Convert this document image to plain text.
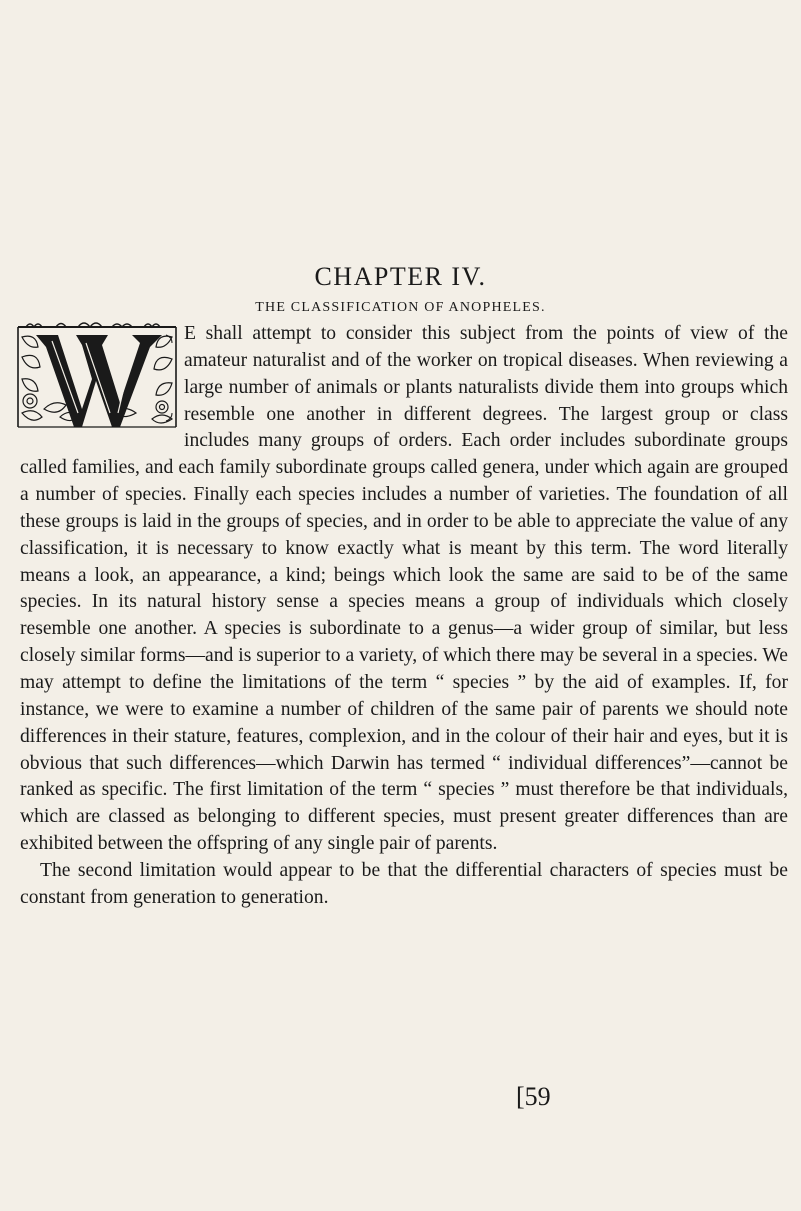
CHAPTER IV.
THE CLASSIFICATION OF ANOPHELES.

E shall attempt to consider this subject from the points of view of the amateur naturalist and of the worker on tropical diseases. When reviewing a large number of animals or plants naturalists divide them into groups which resemble one another in different degrees. The largest group or class includes many groups of orders. Each order includes subordinate groups called families, and each family subordinate groups called genera, under which again are grouped a number of species. Finally each species includes a number of varieties. The foundation of all these groups is laid in the groups of species, and in order to be able to appreciate the value of any classification, it is necessary to know exactly what is meant by this term. The word literally means a look, an appearance, a kind; beings which look the same are said to be of the same species. In its natural history sense a species means a group of individuals which closely resemble one another. A species is subordinate to a genus—a wider group of similar, but less closely similar forms—and is superior to a variety, of which there may be several in a species. We may attempt to define the limitations of the term “ species ” by the aid of examples. If, for instance, we were to examine a number of children of the same pair of parents we should note differences in their stature, features, complexion, and in the colour of their hair and eyes, but it is obvious that such differences—which Darwin has termed “ individual differences”—cannot be ranked as specific. The first limitation of the term “ species ” must therefore be that individuals, which are classed as belonging to different species, must present greater differences than are exhibited between the offspring of any single pair of parents.

The second limitation would appear to be that the differential characters of species must be constant from generation to generation.

[59
